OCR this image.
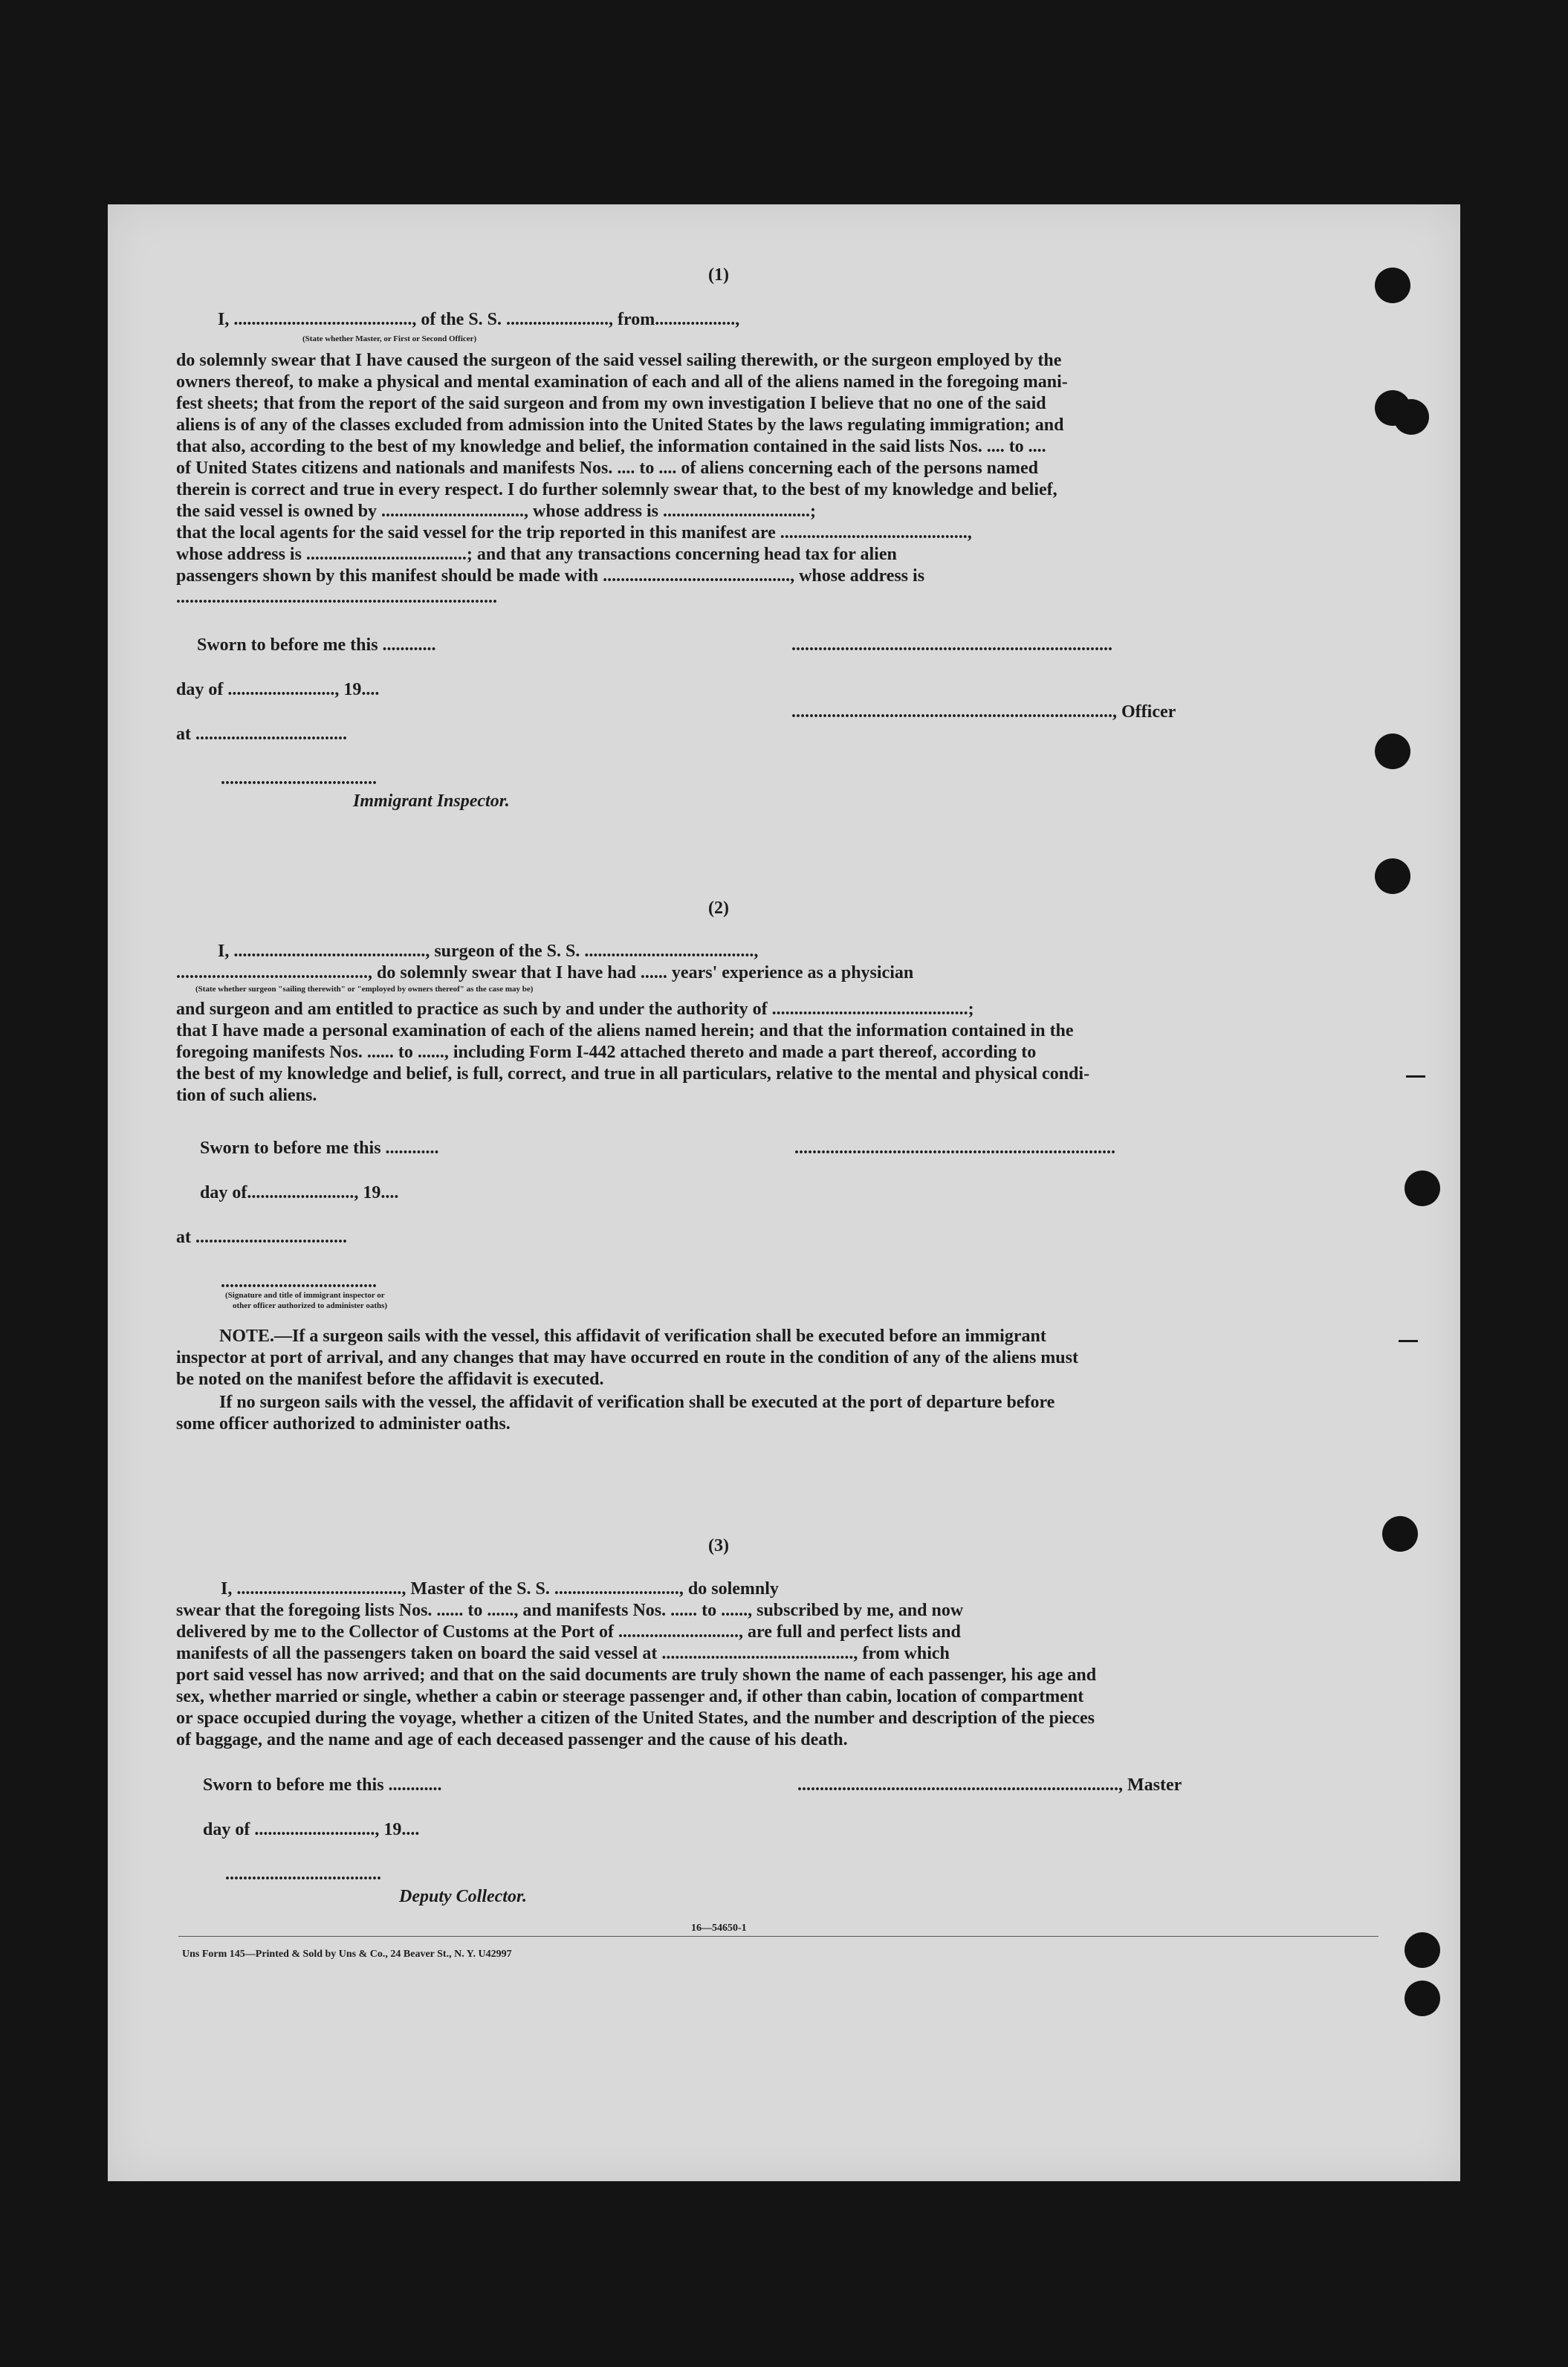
(1)
I, ........................................, of the S. S. ......................., from..................,
(State whether Master, or First or Second Officer)
do solemnly swear that I have caused the surgeon of the said vessel sailing therewith, or the surgeon employed by the
owners thereof, to make a physical and mental examination of each and all of the aliens named in the foregoing mani-
fest sheets; that from the report of the said surgeon and from my own investigation I believe that no one of the said
aliens is of any of the classes excluded from admission into the United States by the laws regulating immigration; and
that also, according to the best of my knowledge and belief, the information contained in the said lists Nos. .... to ....
of United States citizens and nationals and manifests Nos. .... to .... of aliens concerning each of the persons named
therein is correct and true in every respect. I do further solemnly swear that, to the best of my knowledge and belief,
the said vessel is owned by ................................, whose address is .................................;
that the local agents for the said vessel for the trip reported in this manifest are ..........................................,
whose address is ....................................; and that any transactions concerning head tax for alien
passengers shown by this manifest should be made with .........................................., whose address is
........................................................................
Sworn to before me this ............	........................................................................
day of ........................, 19....
........................................................................, Officer
at ..................................
...................................
Immigrant Inspector.
(2)
I, ..........................................., surgeon of the S. S. ......................................,
..........................................., do solemnly swear that I have had ...... years' experience as a physician
(State whether surgeon "sailing therewith" or "employed by owners thereof" as the case may be)
and surgeon and am entitled to practice as such by and under the authority of ............................................;
that I have made a personal examination of each of the aliens named herein; and that the information contained in the
foregoing manifests Nos. ...... to ......, including Form I-442 attached thereto and made a part thereof, according to
the best of my knowledge and belief, is full, correct, and true in all particulars, relative to the mental and physical condi-
tion of such aliens.
Sworn to before me this ............	........................................................................
day of........................, 19....
at ..................................
...................................
(Signature and title of immigrant inspector or
other officer authorized to administer oaths)
NOTE.—If a surgeon sails with the vessel, this affidavit of verification shall be executed before an immigrant
inspector at port of arrival, and any changes that may have occurred en route in the condition of any of the aliens must
be noted on the manifest before the affidavit is executed.
If no surgeon sails with the vessel, the affidavit of verification shall be executed at the port of departure before
some officer authorized to administer oaths.
(3)
I, ....................................., Master of the S. S. ............................, do solemnly
swear that the foregoing lists Nos. ...... to ......, and manifests Nos. ...... to ......, subscribed by me, and now
delivered by me to the Collector of Customs at the Port of ..........................., are full and perfect lists and
manifests of all the passengers taken on board the said vessel at ..........................................., from which
port said vessel has now arrived; and that on the said documents are truly shown the name of each passenger, his age and
sex, whether married or single, whether a cabin or steerage passenger and, if other than cabin, location of compartment
or space occupied during the voyage, whether a citizen of the United States, and the number and description of the pieces
of baggage, and the name and age of each deceased passenger and the cause of his death.
Sworn to before me this ............	........................................................................, Master
day of ..........................., 19....
...................................
Deputy Collector.
16—54650-1
Uns Form 145—Printed & Sold by Uns & Co., 24 Beaver St., N. Y. U42997
